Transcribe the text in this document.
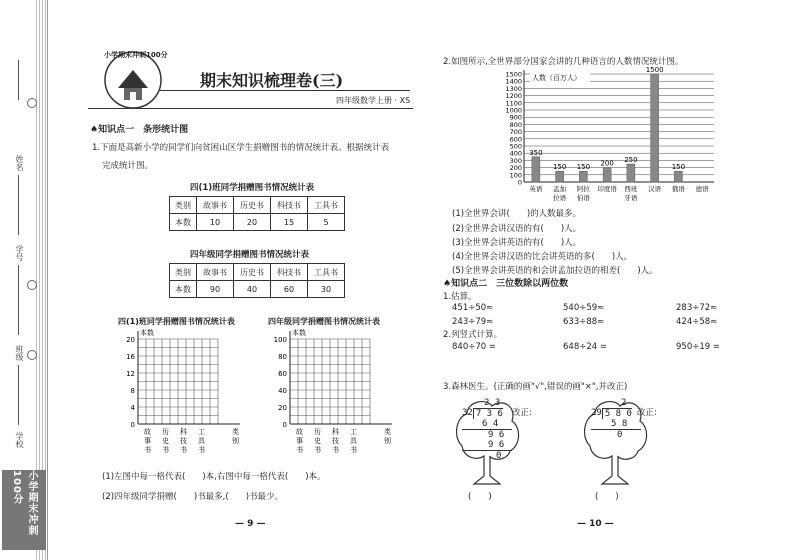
姓名
学号
班级
学校
小学期末冲刺100分
小学期末冲刺100分
期末知识梳理卷(三)
四年级数学上册 · XS
♠知识点一　条形统计图
1.下面是高新小学的同学们向贫困山区学生捐赠图书的情况统计表。根据统计表
完成统计图。
四(1)班同学捐赠图书情况统计表
类别	故事书	历史书	科技书	工具书
本数	10	20	15	5
四年级同学捐赠图书情况统计表
类别	故事书	历史书	科技书	工具书
本数	90	40	60	30
四(1)班同学捐赠图书情况统计表	四年级同学捐赠图书情况统计表
本数
20
16
12
8
4
0
故
事
书
历
史
书
科
技
书
工
具
书
类
别
本数
100
80
60
40
20
0
故
事
书
历
史
书
科
技
书
工
具
书
类
别
(1)左图中每一格代表(　　)本,右图中每一格代表(　　)本。
(2)四年级同学捐赠(　　)书最多,(　　)书最少。
— 9 —
2.如图所示,全世界部分国家会讲的几种语言的人数情况统计图。
1500
1400
1300
1200
1100
1000
900
800
700
600
500
400
300
200
100
0
人数（百万人）
350
英语
150
孟加
拉语
150
阿拉
伯语
200
印度语
250
西班
牙语
1500
汉语
150
俄语 德语
(1)全世界会讲(　　)的人数最多。
(2)全世界会讲汉语的有(　　)人。
(3)全世界会讲英语的有(　　)人。
(4)全世界会讲汉语的比会讲英语的多(　　)人。
(5)全世界会讲英语的和会讲孟加拉语的相差(　　)人。
♠知识点二　三位数除以两位数
1.估算。
451÷50≈	540÷59≈	283÷72≈
243÷79≈	633÷88≈	424÷58≈
2.列竖式计算。
840÷70 =	648÷24 =	950÷19 =
3.森林医生。(正确的画"√",错误的画"×",并改正)
2 3
32 7 3 6
6 4
9 6
9 6
0
改正:
(　　)
2
29 5 8 0
5 8
0
改正:
(　　)
— 10 —
